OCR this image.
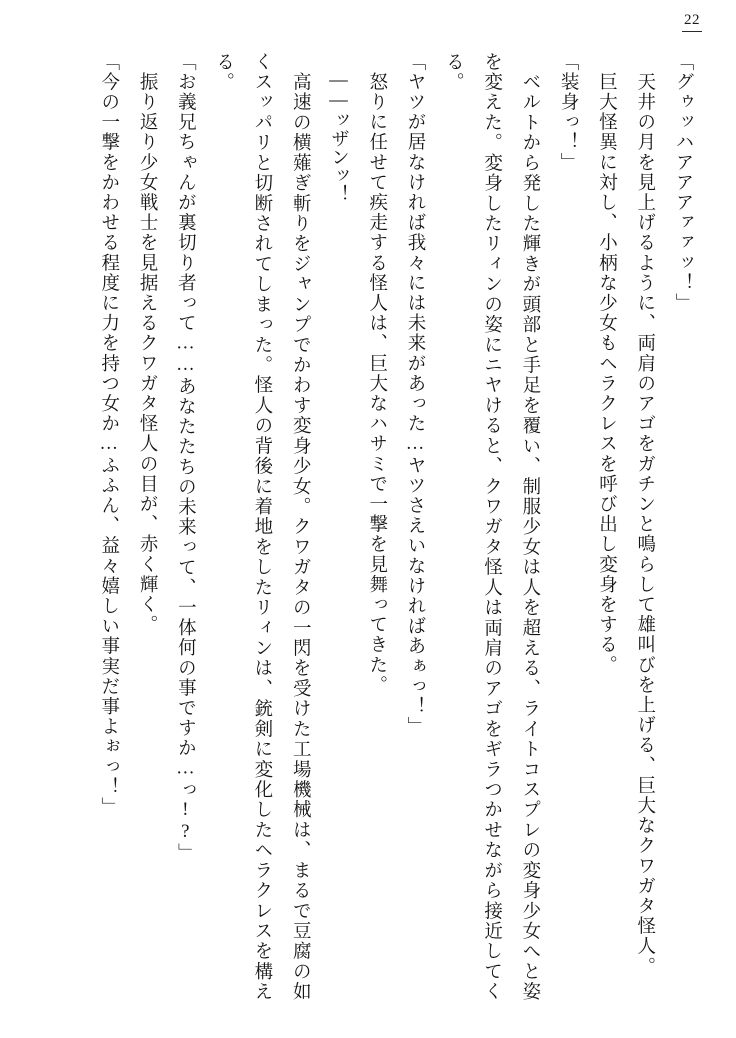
22

「グゥッハアアアァァッ！」

　天井の月を見上げるように、両肩のアゴをガチンと鳴らして雄叫びを上げる、巨大なクワガタ怪人。

　巨大怪異に対し、小柄な少女もヘラクレスを呼び出し変身をする。

「装身っ！」

　ベルトから発した輝きが頭部と手足を覆い、制服少女は人を超える、ライトコスプレの変身少女へと姿を変えた。変身したリィンの姿にニヤけると、クワガタ怪人は両肩のアゴをギラつかせながら接近してくる。

「ヤツが居なければ我々には未来があった…ヤツさえいなければあぁっ！」

　怒りに任せて疾走する怪人は、巨大なハサミで一撃を見舞ってきた。

　――ッザンッ！

　高速の横薙ぎ斬りをジャンプでかわす変身少女。クワガタの一閃を受けた工場機械は、まるで豆腐の如くスッパリと切断されてしまった。怪人の背後に着地をしたリィンは、銃剣に変化したヘラクレスを構える。

「お義兄ちゃんが裏切り者って……あなたたちの未来って、一体何の事ですか…っ!?」

　振り返り少女戦士を見据えるクワガタ怪人の目が、赤く輝く。

「今の一撃をかわせる程度に力を持つ女か…ふふん、益々嬉しい事実だ事よぉっ！」
